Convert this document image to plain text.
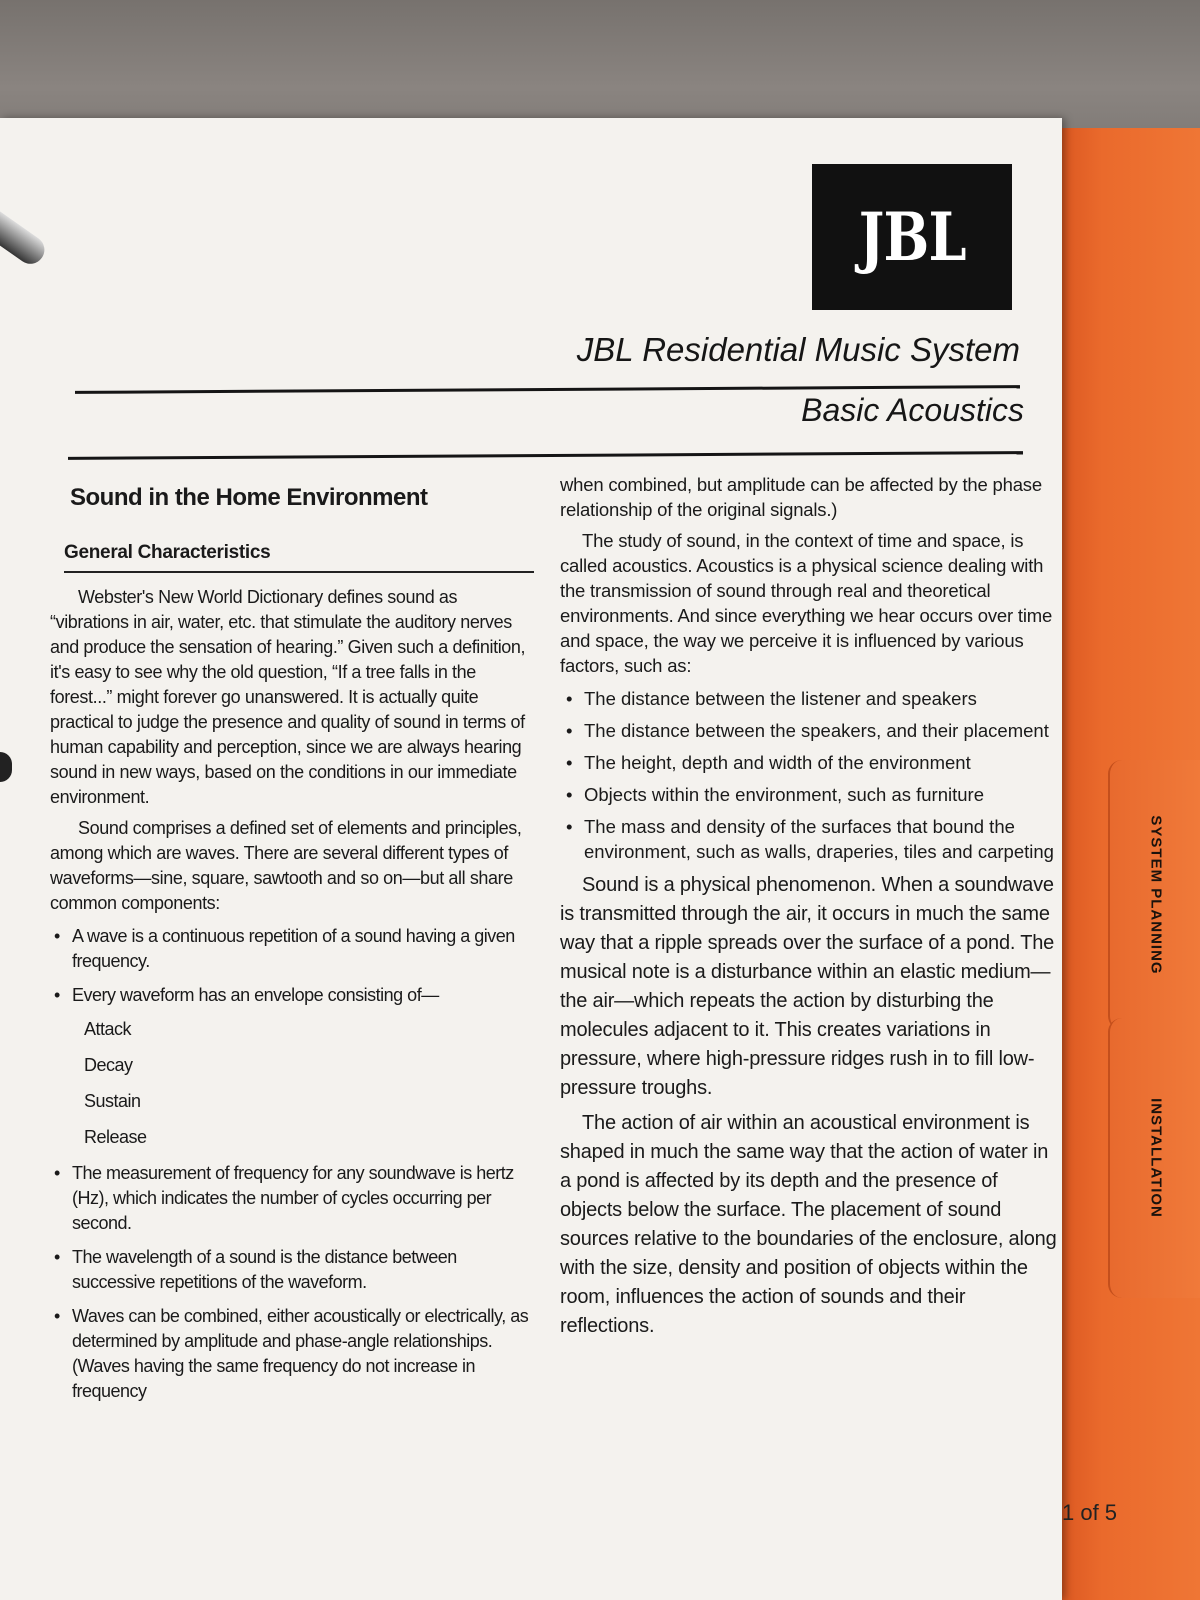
SYSTEM PLANNING
INSTALLATION
JBL
JBL Residential Music System
Basic Acoustics
Sound in the Home Environment
General Characteristics

Webster's New World Dictionary defines sound as “vibrations in air, water, etc. that stimulate the auditory nerves and produce the sensation of hearing.” Given such a definition, it's easy to see why the old question, “If a tree falls in the forest...” might forever go unanswered. It is actually quite practical to judge the presence and quality of sound in terms of human capability and perception, since we are always hearing sound in new ways, based on the conditions in our immediate environment.

Sound comprises a defined set of elements and principles, among which are waves. There are several different types of waveforms—sine, square, sawtooth and so on—but all share common components:

• A wave is a continuous repetition of a sound having a given frequency.
• Every waveform has an envelope consisting of—
Attack
Decay
Sustain
Release
• The measurement of frequency for any soundwave is hertz (Hz), which indicates the number of cycles occurring per second.
• The wavelength of a sound is the distance between successive repetitions of the waveform.
• Waves can be combined, either acoustically or electrically, as determined by amplitude and phase-angle relationships. (Waves having the same frequency do not increase in frequency

when combined, but amplitude can be affected by the phase relationship of the original signals.)

The study of sound, in the context of time and space, is called acoustics. Acoustics is a physical science dealing with the transmission of sound through real and theoretical environments. And since everything we hear occurs over time and space, the way we perceive it is influenced by various factors, such as:

• The distance between the listener and speakers
• The distance between the speakers, and their placement
• The height, depth and width of the environment
• Objects within the environment, such as furniture
• The mass and density of the surfaces that bound the environment, such as walls, draperies, tiles and carpeting

Sound is a physical phenomenon. When a soundwave is transmitted through the air, it occurs in much the same way that a ripple spreads over the surface of a pond. The musical note is a disturbance within an elastic medium—the air—which repeats the action by disturbing the molecules adjacent to it. This creates variations in pressure, where high-pressure ridges rush in to fill low-pressure troughs.

The action of air within an acoustical environment is shaped in much the same way that the action of water in a pond is affected by its depth and the presence of objects below the surface. The placement of sound sources relative to the boundaries of the enclosure, along with the size, density and position of objects within the room, influences the action of sounds and their reflections.

1 of 5
